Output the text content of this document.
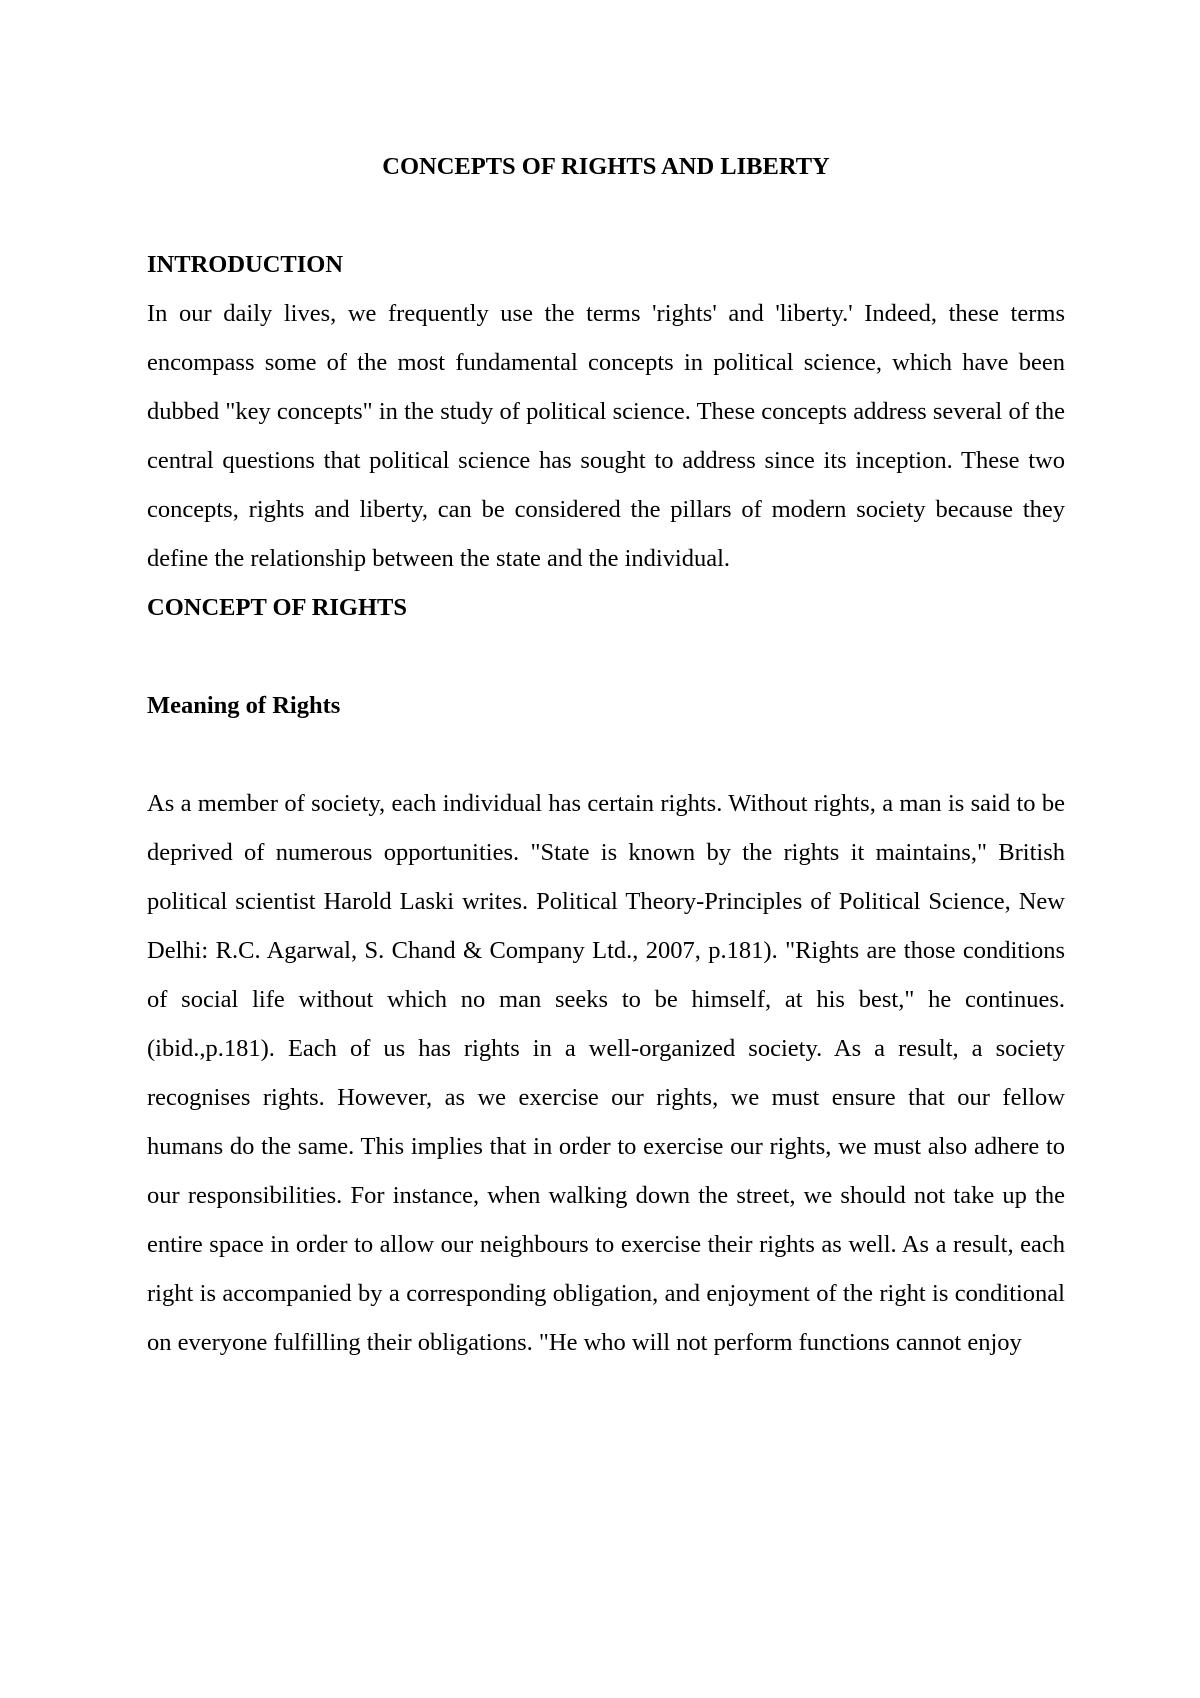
CONCEPTS OF RIGHTS AND LIBERTY
INTRODUCTION

In our daily lives, we frequently use the terms 'rights' and 'liberty.' Indeed, these terms encompass some of the most fundamental concepts in political science, which have been dubbed "key concepts" in the study of political science. These concepts address several of the central questions that political science has sought to address since its inception. These two concepts, rights and liberty, can be considered the pillars of modern society because they define the relationship between the state and the individual.

CONCEPT OF RIGHTS
Meaning of Rights

As a member of society, each individual has certain rights. Without rights, a man is said to be deprived of numerous opportunities. "State is known by the rights it maintains," British political scientist Harold Laski writes. Political Theory-Principles of Political Science, New Delhi: R.C. Agarwal, S. Chand & Company Ltd., 2007, p.181). "Rights are those conditions of social life without which no man seeks to be himself, at his best," he continues. (ibid.,p.181). Each of us has rights in a well-organized society. As a result, a society recognises rights. However, as we exercise our rights, we must ensure that our fellow humans do the same. This implies that in order to exercise our rights, we must also adhere to our responsibilities. For instance, when walking down the street, we should not take up the entire space in order to allow our neighbours to exercise their rights as well. As a result, each right is accompanied by a corresponding obligation, and enjoyment of the right is conditional on everyone fulfilling their obligations. "He who will not perform functions cannot enjoy
